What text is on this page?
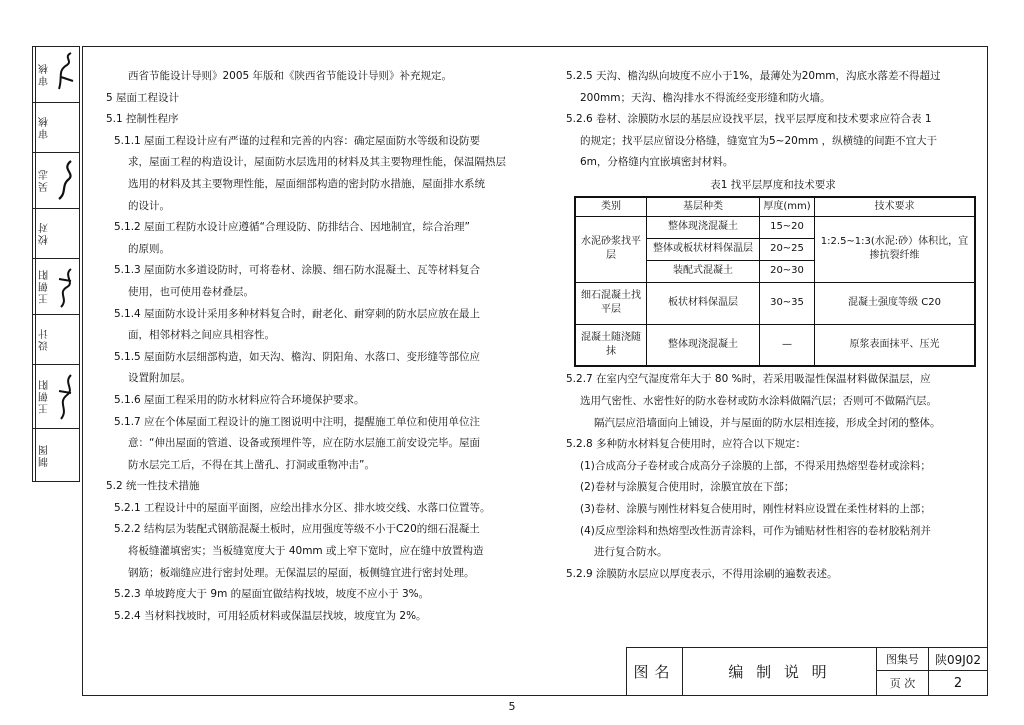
审核
审核
吴志
校对
王朝阳
设计
王朝阳
制图

西省节能设计导则》2005 年版和《陕西省节能设计导则》补充规定。

5 屋面工程设计

5.1 控制性程序

5.1.1 屋面工程设计应有严谨的过程和完善的内容：确定屋面防水等级和设防要

求，屋面工程的构造设计，屋面防水层选用的材料及其主要物理性能，保温隔热层

选用的材料及其主要物理性能，屋面细部构造的密封防水措施，屋面排水系统

的设计。

5.1.2 屋面工程防水设计应遵循“合理设防、防排结合、因地制宜，综合治理”

的原则。

5.1.3 屋面防水多道设防时，可将卷材、涂膜、细石防水混凝土、瓦等材料复合

使用，也可使用卷材叠层。

5.1.4 屋面防水设计采用多种材料复合时，耐老化、耐穿刺的防水层应放在最上

面，相邻材料之间应具相容性。

5.1.5 屋面防水层细部构造，如天沟、檐沟、阴阳角、水落口、变形缝等部位应

设置附加层。

5.1.6 屋面工程采用的防水材料应符合环境保护要求。

5.1.7 应在个体屋面工程设计的施工图说明中注明，提醒施工单位和使用单位注

意：“伸出屋面的管道、设备或预埋件等，应在防水层施工前安设完毕。屋面

防水层完工后，不得在其上凿孔、打洞或重物冲击”。

5.2 统一性技术措施

5.2.1 工程设计中的屋面平面图，应绘出排水分区、排水坡交线、水落口位置等。

5.2.2 结构层为装配式钢筋混凝土板时，应用强度等级不小于C20的细石混凝土

将板缝灌填密实；当板缝宽度大于 40mm 或上窄下宽时，应在缝中放置构造

钢筋；板端缝应进行密封处理。无保温层的屋面，板侧缝宜进行密封处理。

5.2.3 单坡跨度大于 9m 的屋面宜做结构找坡，坡度不应小于 3%。

5.2.4 当材料找坡时，可用轻质材料或保温层找坡，坡度宜为 2%。

5.2.5 天沟、檐沟纵向坡度不应小于1%，最薄处为20mm，沟底水落差不得超过

200mm；天沟、檐沟排水不得流经变形缝和防火墙。

5.2.6 卷材、涂膜防水层的基层应设找平层，找平层厚度和技术要求应符合表 1

的规定；找平层应留设分格缝，缝宽宜为5~20mm ，纵横缝的间距不宜大于

6m，分格缝内宜嵌填密封材料。

表1 找平层厚度和技术要求
类别	基层种类	厚度(mm)	技术要求
水泥砂浆找平层	整体现浇混凝土	15~20	1:2.5~1:3(水泥:砂）体积比，宜掺抗裂纤维
	整体或板状材料保温层	20~25	
	装配式混凝土	20~30	
细石混凝土找平层	板状材料保温层	30~35	混凝土强度等级 C20
混凝土随浇随抹	整体现浇混凝土	—	原浆表面抹平、压光

5.2.7 在室内空气湿度常年大于 80 %时，若采用吸湿性保温材料做保温层，应

选用气密性、水密性好的防水卷材或防水涂料做隔汽层；否则可不做隔汽层。

隔汽层应沿墙面向上铺设，并与屋面的防水层相连接，形成全封闭的整体。

5.2.8 多种防水材料复合使用时，应符合以下规定：

(1)合成高分子卷材或合成高分子涂膜的上部，不得采用热熔型卷材或涂料；

(2)卷材与涂膜复合使用时，涂膜宜放在下部；

(3)卷材、涂膜与刚性材料复合使用时，刚性材料应设置在柔性材料的上部；

(4)反应型涂料和热熔型改性沥青涂料，可作为铺贴材性相容的卷材胶粘剂并

进行复合防水。

5.2.9 涂膜防水层应以厚度表示，不得用涂刷的遍数表述。

图名	编 制 说 明
图集号	陕09J02
页 次	2
5
